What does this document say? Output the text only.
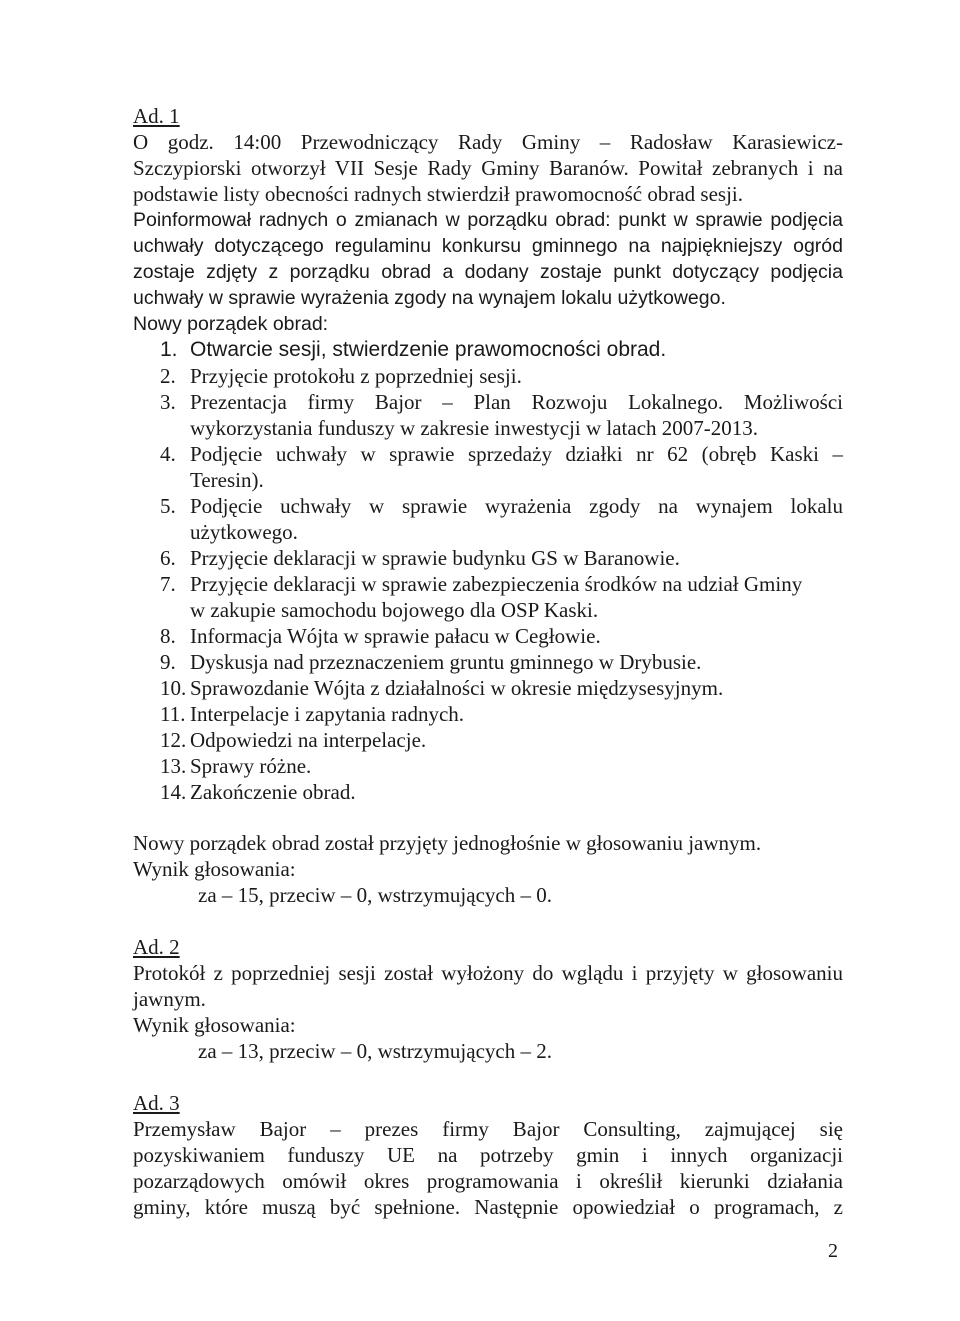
Ad. 1
O godz. 14:00 Przewodniczący Rady Gminy – Radosław Karasiewicz-
Szczypiorski otworzył VII Sesje Rady Gminy Baranów. Powitał zebranych i na
podstawie listy obecności radnych stwierdził prawomocność obrad sesji.
Poinformował radnych o zmianach w porządku obrad: punkt w sprawie podjęcia
uchwały dotyczącego regulaminu konkursu gminnego na najpiękniejszy ogród
zostaje zdjęty z porządku obrad a dodany zostaje punkt dotyczący podjęcia
uchwały w sprawie wyrażenia zgody na wynajem lokalu użytkowego.
Nowy porządek obrad:
1. Otwarcie sesji, stwierdzenie prawomocności obrad.
2. Przyjęcie protokołu z poprzedniej sesji.
3. Prezentacja firmy Bajor – Plan Rozwoju Lokalnego. Możliwości
wykorzystania funduszy w zakresie inwestycji w latach 2007-2013.
4. Podjęcie uchwały w sprawie sprzedaży działki nr 62 (obręb Kaski –
Teresin).
5. Podjęcie uchwały w sprawie wyrażenia zgody na wynajem lokalu
użytkowego.
6. Przyjęcie deklaracji w sprawie budynku GS w Baranowie.
7. Przyjęcie deklaracji w sprawie zabezpieczenia środków na udział Gminy
w zakupie samochodu bojowego dla OSP Kaski.
8. Informacja Wójta w sprawie pałacu w Cegłowie.
9. Dyskusja nad przeznaczeniem gruntu gminnego w Drybusie.
10. Sprawozdanie Wójta z działalności w okresie międzysesyjnym.
11. Interpelacje i zapytania radnych.
12. Odpowiedzi na interpelacje.
13. Sprawy różne.
14. Zakończenie obrad.
Nowy porządek obrad został przyjęty jednogłośnie w głosowaniu jawnym.
Wynik głosowania:
za – 15, przeciw – 0, wstrzymujących – 0.
Ad. 2
Protokół z poprzedniej sesji został wyłożony do wglądu i przyjęty w głosowaniu
jawnym.
Wynik głosowania:
za – 13, przeciw – 0, wstrzymujących – 2.
Ad. 3
Przemysław Bajor – prezes firmy Bajor Consulting, zajmującej się
pozyskiwaniem funduszy UE na potrzeby gmin i innych organizacji
pozarządowych omówił okres programowania i określił kierunki działania
gminy, które muszą być spełnione. Następnie opowiedział o programach, z
2
